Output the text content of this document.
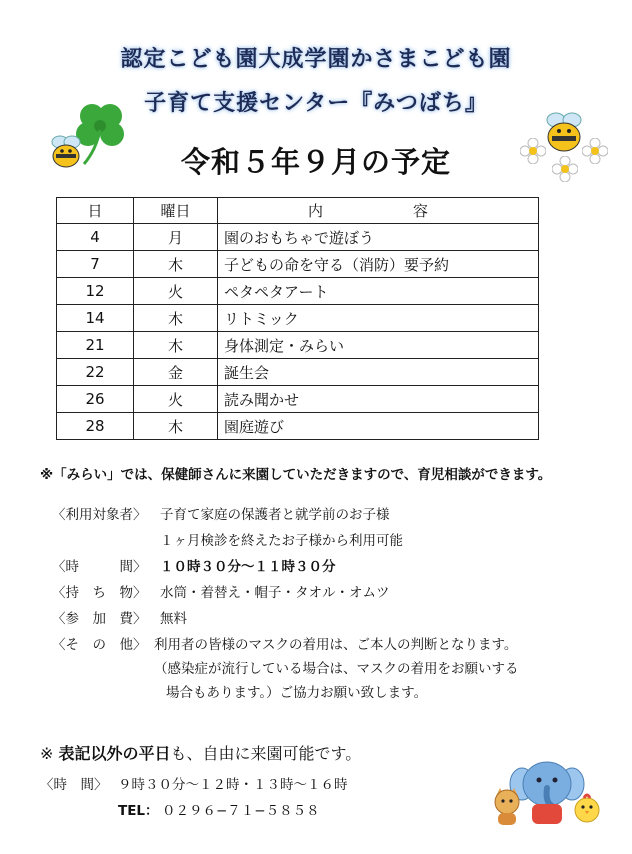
認定こども園大成学園かさまこども園
子育て支援センター『みつばち』
令和５年９月の予定
日	曜日	内　　容
4	月	園のおもちゃで遊ぼう
7	木	子どもの命を守る（消防）要予約
12	火	ペタペタアート
14	木	リトミック
21	木	身体測定・みらい
22	金	誕生会
26	火	読み聞かせ
28	木	園庭遊び
※「みらい」では、保健師さんに来園していただきますので、育児相談ができます。
〈利用対象者〉 子育て家庭の保護者と就学前のお子様
１ヶ月検診を終えたお子様から利用可能
〈時　　　間〉 １０時３０分〜１１時３０分
〈持　ち　物〉 水筒・着替え・帽子・タオル・オムツ
〈参　加　費〉 無料
〈そ　の　他〉 利用者の皆様のマスクの着用は、ご本人の判断となります。
（感染症が流行している場合は、マスクの着用をお願いする
場合もあります。）ご協力お願い致します。
※ 表記以外の平日も、自由に来園可能です。
〈時　間〉 ９時３０分〜１２時・１３時〜１６時
TEL： ０２９６−７１−５８５８
